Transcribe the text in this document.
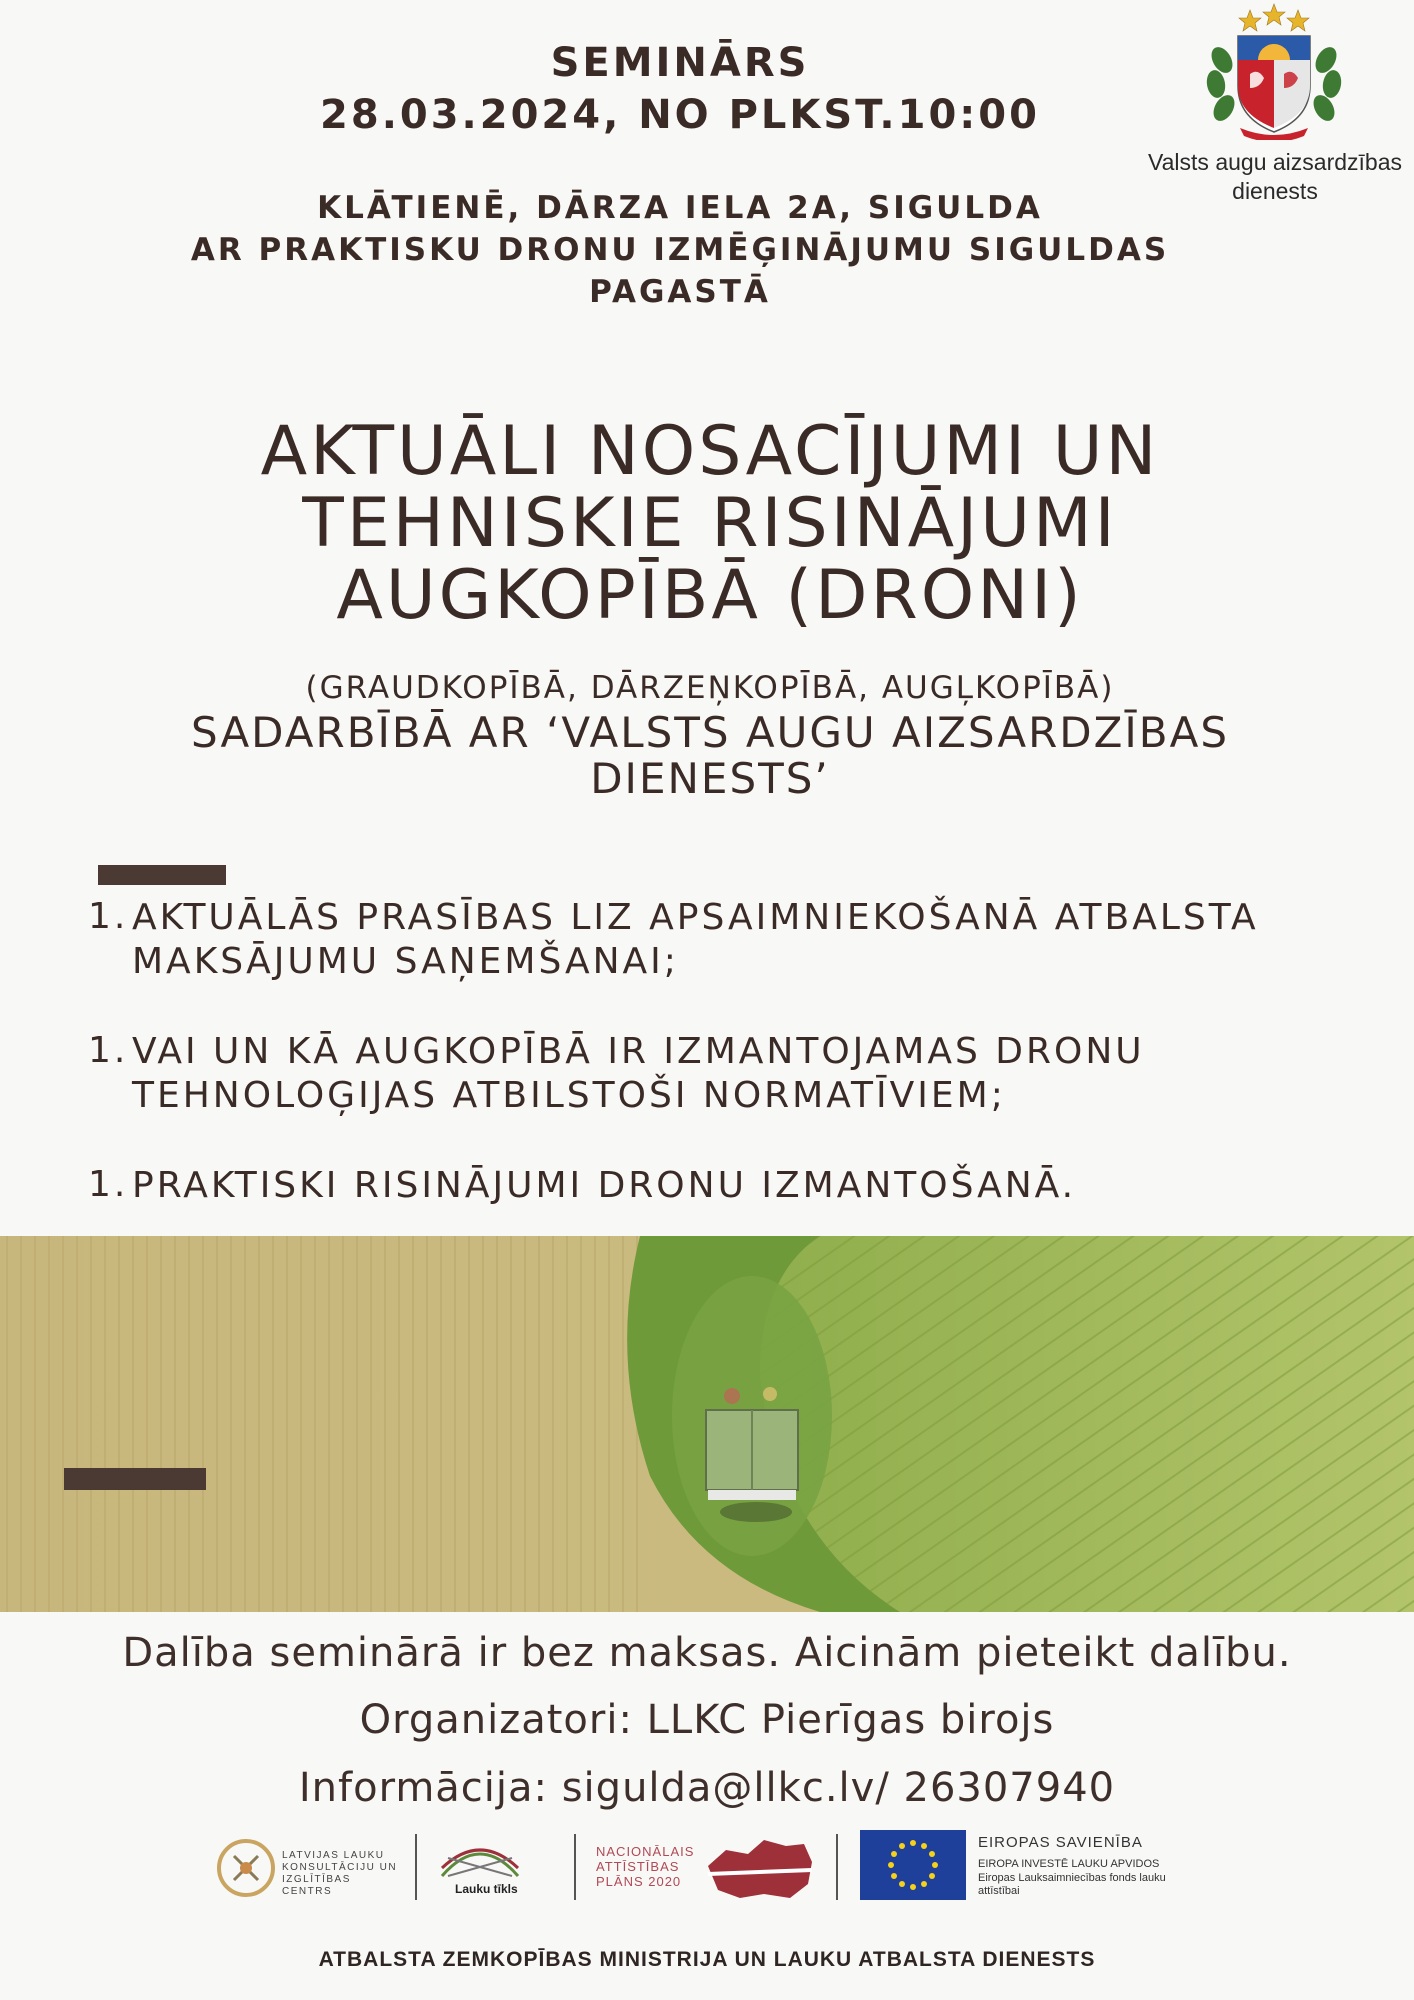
SEMINĀRS
28.03.2024, NO PLKST.10:00
KLĀTIENĒ, DĀRZA IELA 2A, SIGULDA
AR PRAKTISKU DRONU IZMĒĢINĀJUMU SIGULDAS
PAGASTĀ
Valsts augu aizsardzības
dienests
AKTUĀLI NOSACĪJUMI UN
TEHNISKIE RISINĀJUMI
AUGKOPĪBĀ (DRONI)
(GRAUDKOPĪBĀ, DĀRZEŅKOPĪBĀ, AUGĻKOPĪBĀ)
SADARBĪBĀ AR ‘VALSTS AUGU AIZSARDZĪBAS
DIENESTS’
1. AKTUĀLĀS PRASĪBAS LIZ APSAIMNIEKOŠANĀ ATBALSTA MAKSĀJUMU SAŅEMŠANAI;
1. VAI UN KĀ AUGKOPĪBĀ IR IZMANTOJAMAS DRONU TEHNOLOĢIJAS ATBILSTOŠI NORMATĪVIEM;
1. PRAKTISKI RISINĀJUMI DRONU IZMANTOŠANĀ.
Dalība seminārā ir bez maksas. Aicinām pieteikt dalību.
Organizatori: LLKC Pierīgas birojs
Informācija: sigulda@llkc.lv/ 26307940
LATVIJAS LAUKU KONSULTĀCIJU UN IZGLĪTĪBAS CENTRS	Lauku tīkls
NACIONĀLAIS ATTĪSTĪBAS PLĀNS 2020
EIROPAS SAVIENĪBA
EIROPA INVESTĒ LAUKU APVIDOS
Eiropas Lauksaimniecības fonds lauku attīstībai
ATBALSTA ZEMKOPĪBAS MINISTRIJA UN LAUKU ATBALSTA DIENESTS
